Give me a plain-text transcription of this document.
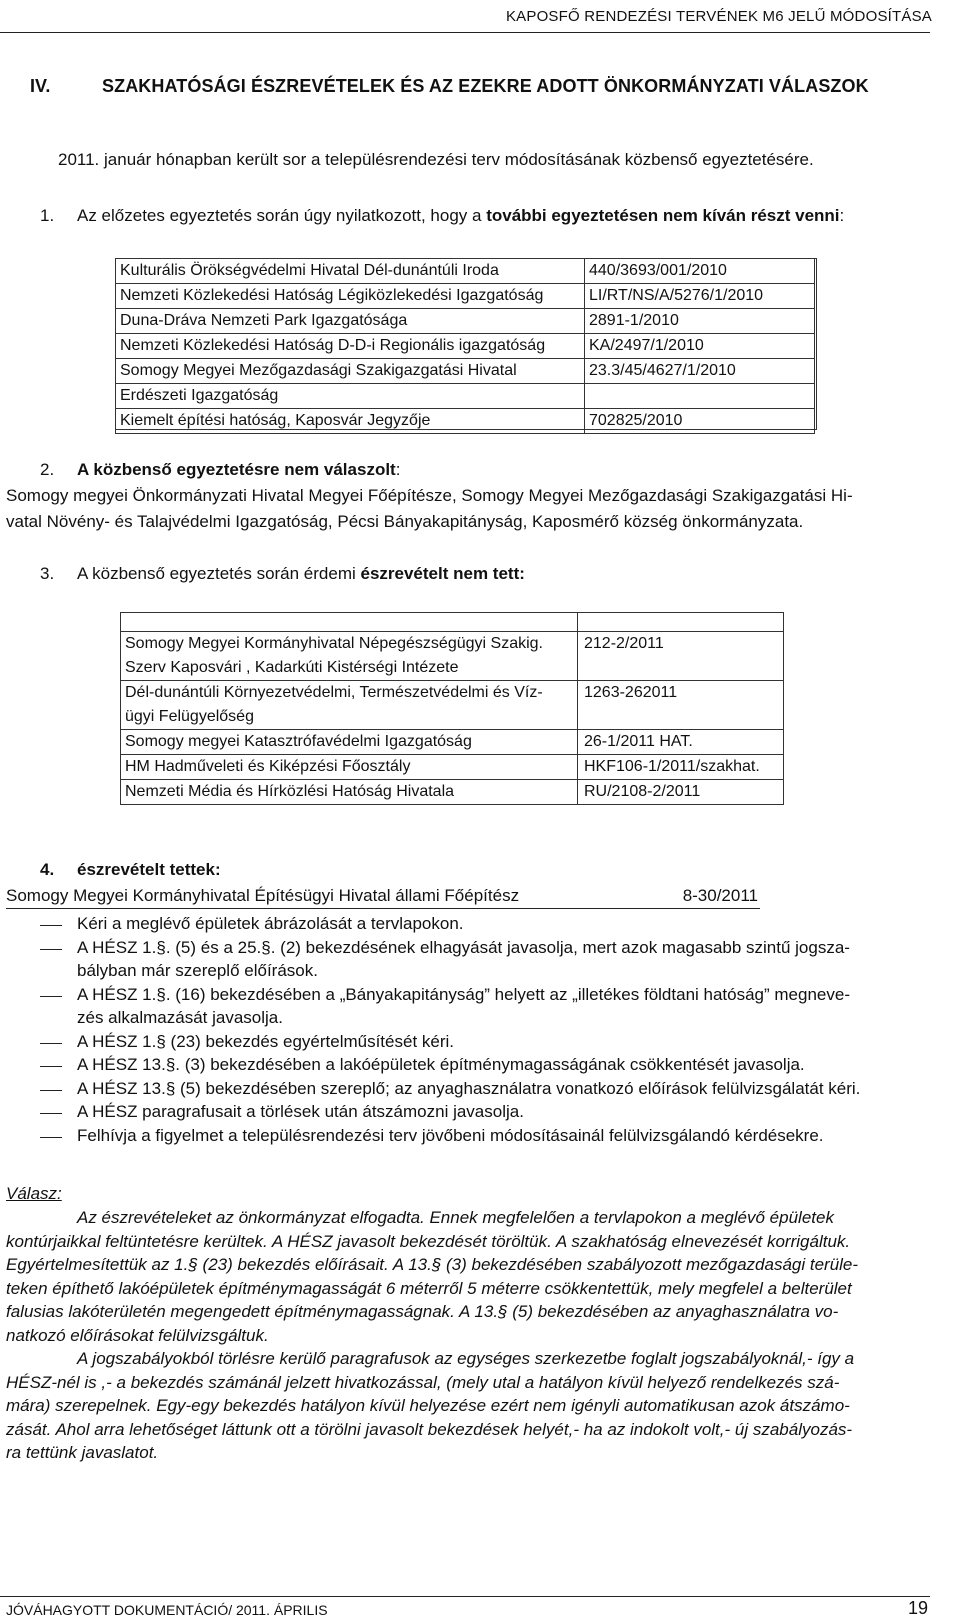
KAPOSFŐ RENDEZÉSI TERVÉNEK M6 JELŰ MÓDOSÍTÁSA
IV.	SZAKHATÓSÁGI ÉSZREVÉTELEK ÉS AZ EZEKRE ADOTT ÖNKORMÁNYZATI VÁLASZOK
2011. január hónapban került sor a településrendezési terv módosításának közbenső egyeztetésére.
1. Az előzetes egyeztetés során úgy nyilatkozott, hogy a további egyeztetésen nem kíván részt venni:
Kulturális Örökségvédelmi Hivatal Dél-dunántúli Iroda	440/3693/001/2010
Nemzeti Közlekedési Hatóság Légiközlekedési Igazgatóság	LI/RT/NS/A/5276/1/2010
Duna-Dráva Nemzeti Park Igazgatósága	2891-1/2010
Nemzeti Közlekedési Hatóság D-D-i Regionális igazgatóság	KA/2497/1/2010
Somogy Megyei Mezőgazdasági Szakigazgatási Hivatal	23.3/45/4627/1/2010
Erdészeti Igazgatóság	
Kiemelt építési hatóság, Kaposvár Jegyzője	702825/2010
2. A közbenső egyeztetésre nem válaszolt:
Somogy megyei Önkormányzati Hivatal Megyei Főépítésze, Somogy Megyei Mezőgazdasági Szakigazgatási Hi-
vatal Növény- és Talajvédelmi Igazgatóság, Pécsi Bányakapitányság, Kaposmérő község önkormányzata.
3. A közbenső egyeztetés során érdemi észrevételt nem tett:

Somogy Megyei Kormányhivatal Népegészségügyi Szakig.
Szerv Kaposvári , Kadarkúti Kistérségi Intézete	212-2/2011

Dél-dunántúli Környezetvédelmi, Természetvédelmi és Víz-
ügyi Felügyelőség	1263-262011

Somogy megyei Katasztrófavédelmi Igazgatóság	26-1/2011 HAT.

HM Hadműveleti és Kiképzési Főosztály	HKF106-1/2011/szakhat.

Nemzeti Média és Hírközlési Hatóság Hivatala	RU/2108-2/2011

4. észrevételt tettek:
Somogy Megyei Kormányhivatal Építésügyi Hivatal állami Főépítész	8-30/2011
Kéri a meglévő épületek ábrázolását a tervlapokon.
A HÉSZ 1.§. (5) és a 25.§. (2) bekezdésének elhagyását javasolja, mert azok magasabb szintű jogsza-
bályban már szereplő előírások.
A HÉSZ 1.§. (16) bekezdésében a „Bányakapitányság” helyett az „illetékes földtani hatóság” megneve-
zés alkalmazását javasolja.
A HÉSZ 1.§ (23) bekezdés egyértelműsítését kéri.
A HÉSZ 13.§. (3) bekezdésében a lakóépületek építménymagasságának csökkentését javasolja.
A HÉSZ 13.§ (5) bekezdésében szereplő; az anyaghasználatra vonatkozó előírások felülvizsgálatát kéri.
A HÉSZ paragrafusait a törlések után átszámozni javasolja.
Felhívja a figyelmet a településrendezési terv jövőbeni módosításainál felülvizsgálandó kérdésekre.
Válasz:
Az észrevételeket az önkormányzat elfogadta. Ennek megfelelően a tervlapokon a meglévő épületek
kontúrjaikkal feltüntetésre kerültek. A HÉSZ javasolt bekezdését töröltük. A szakhatóság elnevezését korrigáltuk.
Egyértelmesítettük az 1.§ (23) bekezdés előírásait. A 13.§ (3) bekezdésében szabályozott mezőgazdasági terüle-
teken építhető lakóépületek építménymagasságát 6 méterről 5 méterre csökkentettük, mely megfelel a belterület
falusias lakóterületén megengedett építménymagasságnak. A 13.§ (5) bekezdésében az anyaghasználatra vo-
natkozó előírásokat felülvizsgáltuk.
A jogszabályokból törlésre kerülő paragrafusok az egységes szerkezetbe foglalt jogszabályoknál,- így a
HÉSZ-nél is ,- a bekezdés számánál jelzett hivatkozással, (mely utal a hatályon kívül helyező rendelkezés szá-
mára) szerepelnek. Egy-egy bekezdés hatályon kívül helyezése ezért nem igényli automatikusan azok átszámo-
zását. Ahol arra lehetőséget láttunk ott a törölni javasolt bekezdések helyét,- ha az indokolt volt,- új szabályozás-
ra tettünk javaslatot.
JÓVÁHAGYOTT DOKUMENTÁCIÓ/ 2011. ÁPRILIS	19
